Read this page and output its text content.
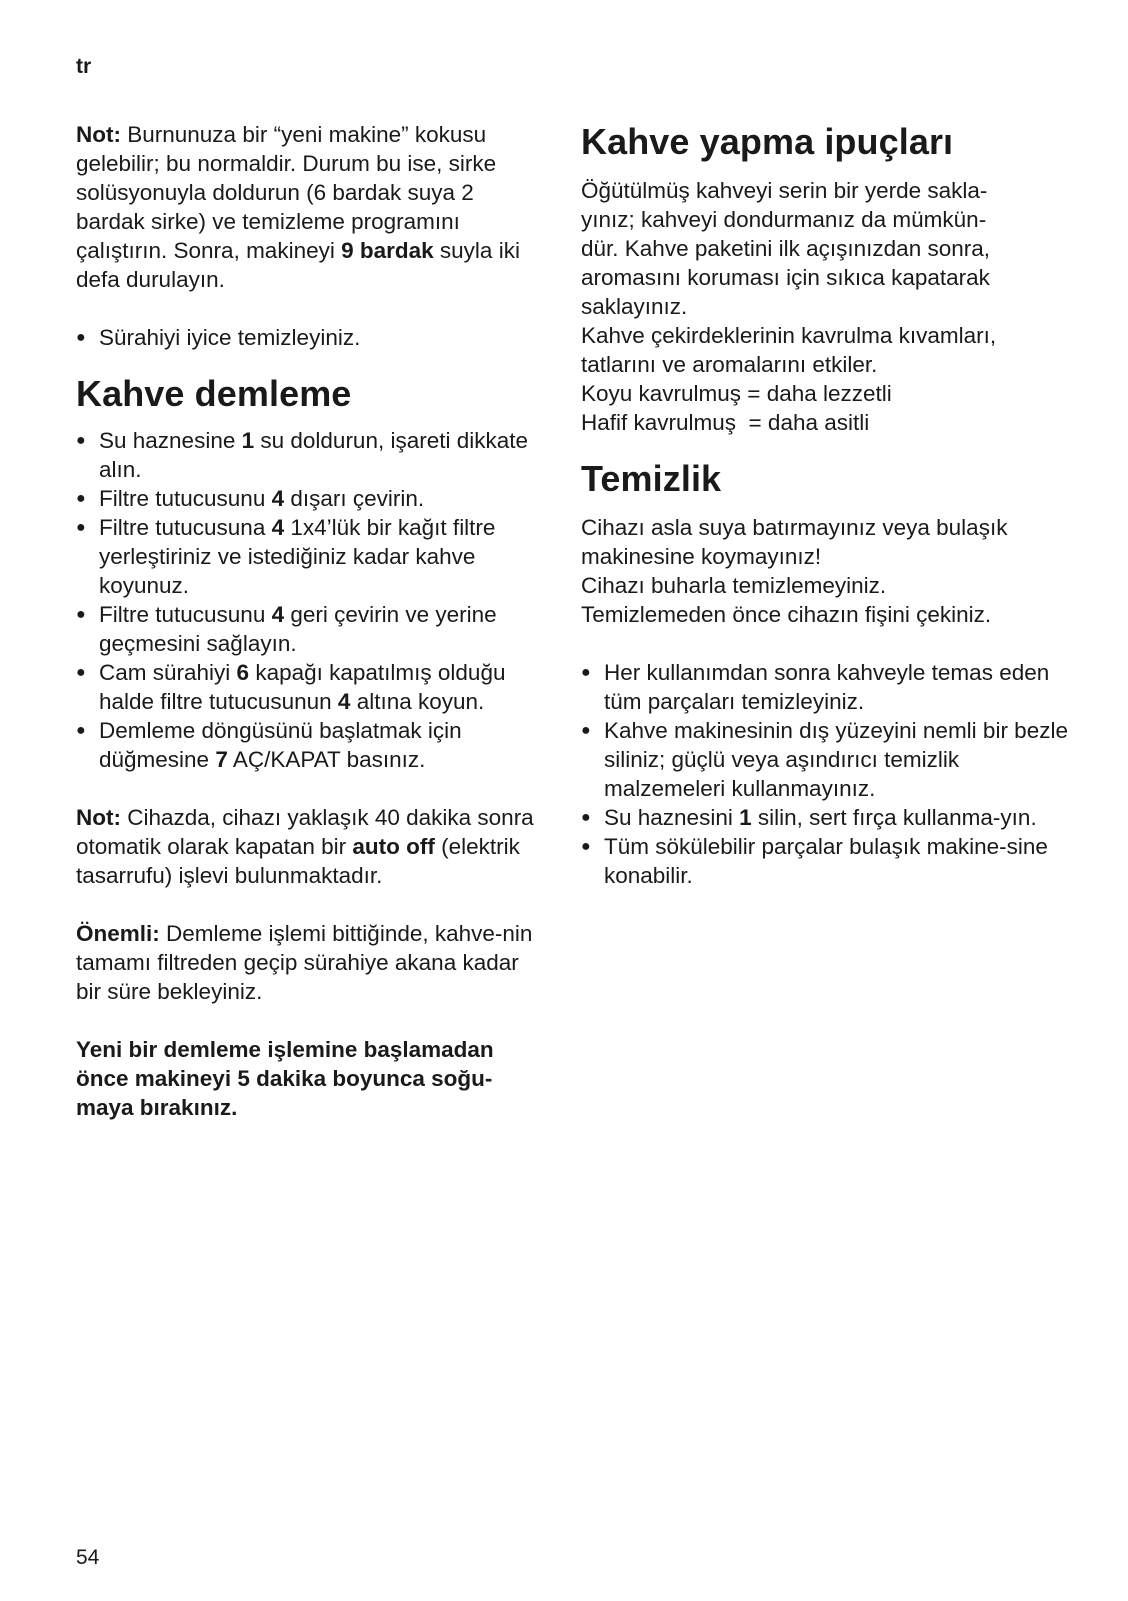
tr

Not: Burnunuza bir “yeni makine” kokusu gelebilir; bu normaldir. Durum bu ise, sirke solüsyonuyla doldurun (6 bardak suya 2 bardak sirke) ve temizleme programını çalıştırın. Sonra, makineyi 9 bardak suyla iki defa durulayın.

● Sürahiyi iyice temizleyiniz.
Kahve demleme
● Su haznesine 1 su doldurun, işareti dikkate alın.
● Filtre tutucusunu 4 dışarı çevirin.
● Filtre tutucusuna 4 1x4’lük bir kağıt filtre yerleştiriniz ve istediğiniz kadar kahve koyunuz.
● Filtre tutucusunu 4 geri çevirin ve yerine geçmesini sağlayın.
● Cam sürahiyi 6 kapağı kapatılmış olduğu halde filtre tutucusunun 4 altına koyun.
● Demleme döngüsünü başlatmak için düğmesine 7 AÇ/KAPAT basınız.

Not: Cihazda, cihazı yaklaşık 40 dakika sonra otomatik olarak kapatan bir auto off (elektrik tasarrufu) işlevi bulunmaktadır.

Önemli: Demleme işlemi bittiğinde, kahve-nin tamamı filtreden geçip sürahiye akana kadar bir süre bekleyiniz.

Yeni bir demleme işlemine başlamadan önce makineyi 5 dakika boyunca soğu-maya bırakınız.

Kahve yapma ipuçları
Öğütülmüş kahveyi serin bir yerde sakla-
yınız; kahveyi dondurmanız da mümkün-
dür. Kahve paketini ilk açışınızdan sonra,
aromasını koruması için sıkıca kapatarak
saklayınız.
Kahve çekirdeklerinin kavrulma kıvamları,
tatlarını ve aromalarını etkiler.
Koyu kavrulmuş = daha lezzetli
Hafif kavrulmuş  = daha asitli
Temizlik
Cihazı asla suya batırmayınız veya bulaşık
makinesine koymayınız!
Cihazı buharla temizlemeyiniz.
Temizlemeden önce cihazın fişini çekiniz.
● Her kullanımdan sonra kahveyle temas eden tüm parçaları temizleyiniz.
● Kahve makinesinin dış yüzeyini nemli bir bezle siliniz; güçlü veya aşındırıcı temizlik malzemeleri kullanmayınız.
● Su haznesini 1 silin, sert fırça kullanma-yın.
● Tüm sökülebilir parçalar bulaşık makine-sine konabilir.
54
